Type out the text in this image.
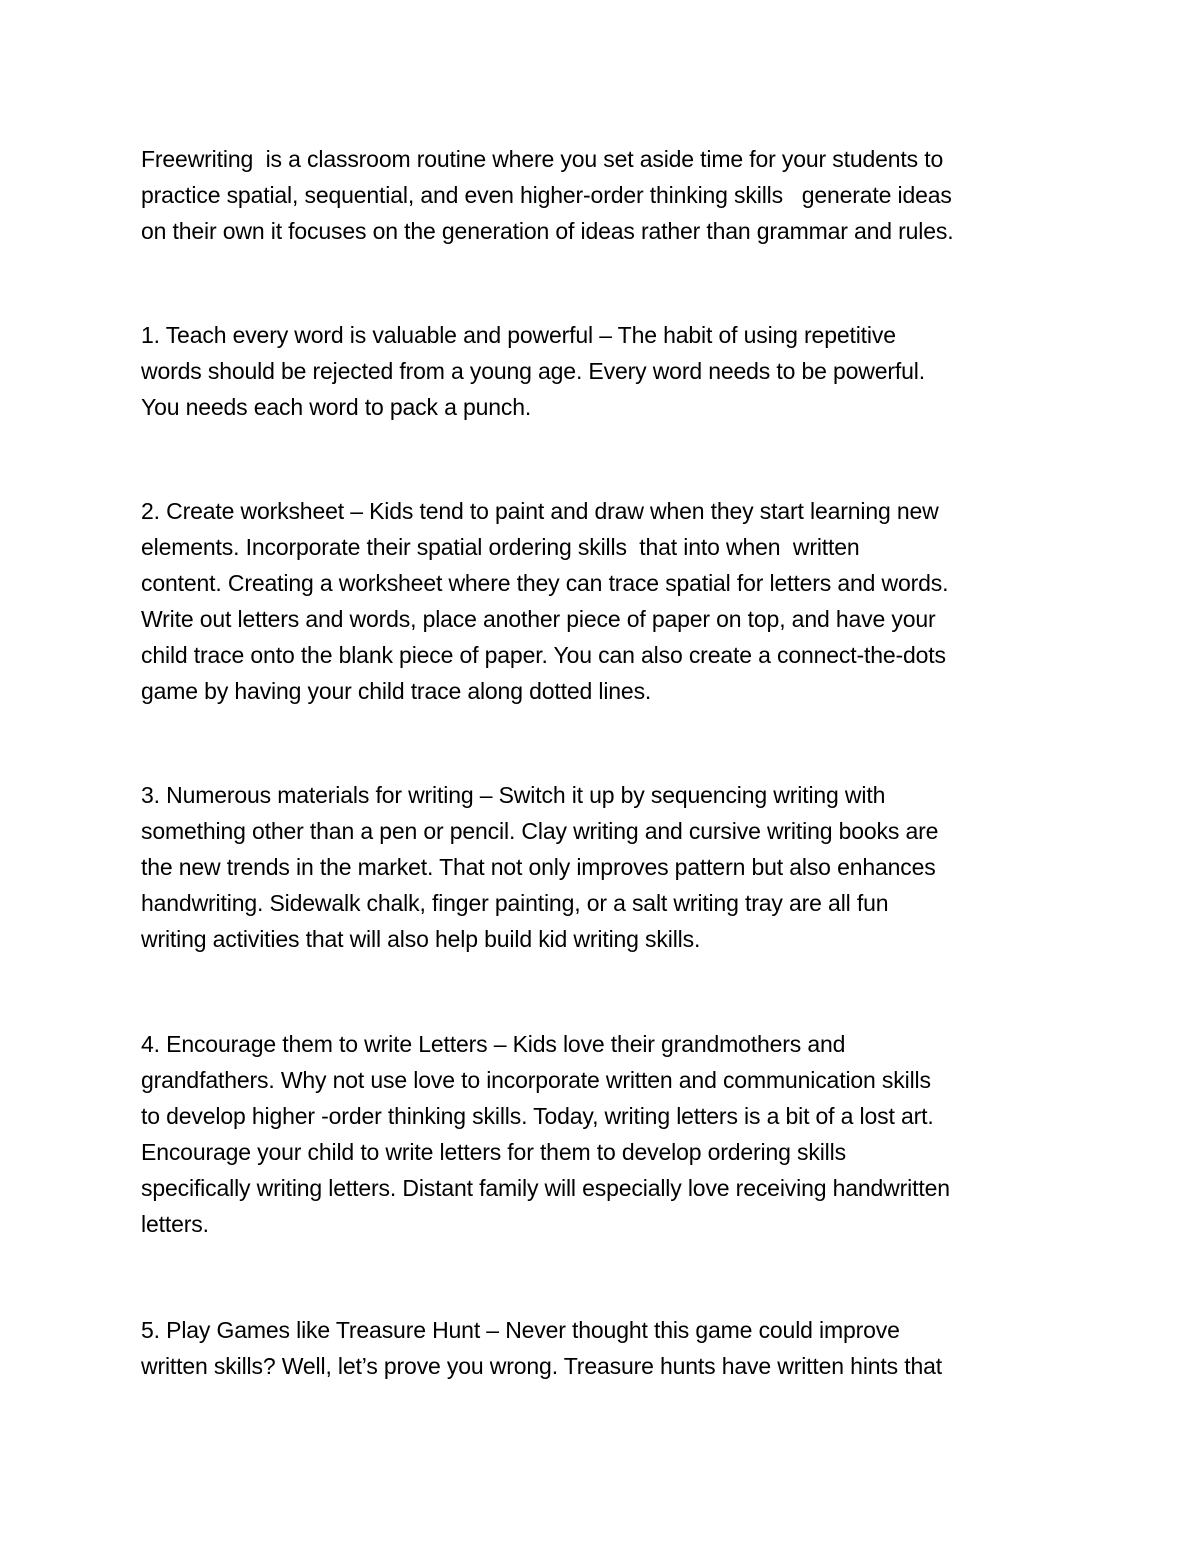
Freewriting  is a classroom routine where you set aside time for your students to
practice spatial, sequential, and even higher-order thinking skills   generate ideas
on their own it focuses on the generation of ideas rather than grammar and rules.
1. Teach every word is valuable and powerful – The habit of using repetitive
words should be rejected from a young age. Every word needs to be powerful.
You needs each word to pack a punch.
2. Create worksheet – Kids tend to paint and draw when they start learning new
elements. Incorporate their spatial ordering skills  that into when  written
content. Creating a worksheet where they can trace spatial for letters and words.
Write out letters and words, place another piece of paper on top, and have your
child trace onto the blank piece of paper. You can also create a connect-the-dots
game by having your child trace along dotted lines.
3. Numerous materials for writing – Switch it up by sequencing writing with
something other than a pen or pencil. Clay writing and cursive writing books are
the new trends in the market. That not only improves pattern but also enhances
handwriting. Sidewalk chalk, finger painting, or a salt writing tray are all fun
writing activities that will also help build kid writing skills.
4. Encourage them to write Letters – Kids love their grandmothers and
grandfathers. Why not use love to incorporate written and communication skills
to develop higher -order thinking skills. Today, writing letters is a bit of a lost art.
Encourage your child to write letters for them to develop ordering skills
specifically writing letters. Distant family will especially love receiving handwritten
letters.
5. Play Games like Treasure Hunt – Never thought this game could improve
written skills? Well, let’s prove you wrong. Treasure hunts have written hints that
